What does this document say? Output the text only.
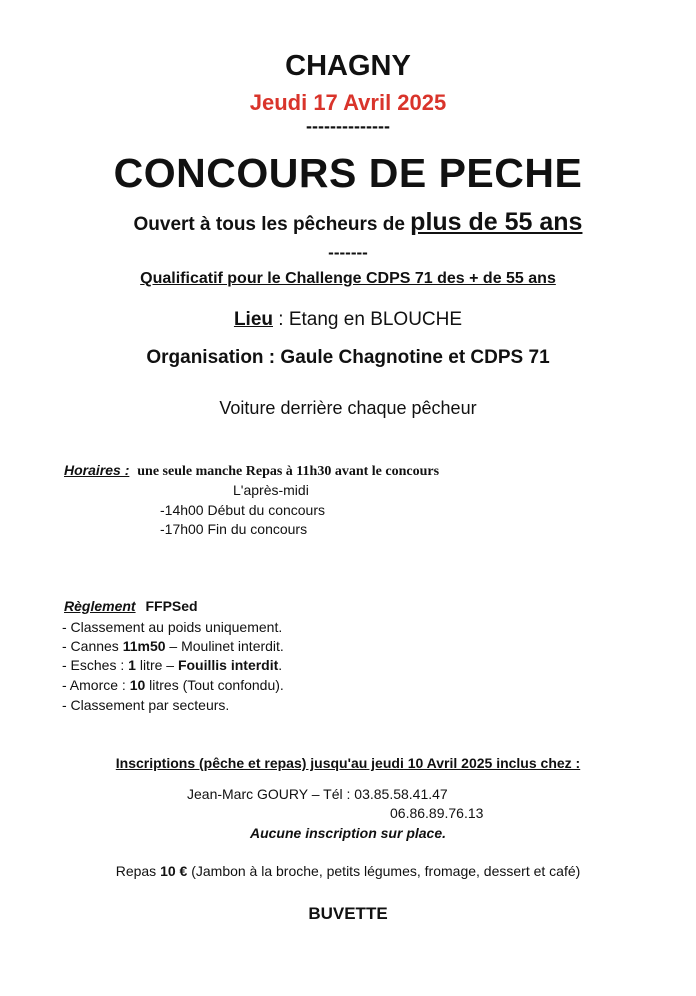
CHAGNY
Jeudi 17 Avril 2025
--------------
CONCOURS DE PECHE
Ouvert à tous les pêcheurs de plus de 55 ans
-------
Qualificatif pour le Challenge CDPS 71 des + de 55 ans
Lieu : Etang en BLOUCHE
Organisation : Gaule Chagnotine et CDPS 71
Voiture derrière chaque pêcheur
Horaires : une seule manche Repas à 11h30 avant le concours
L'après-midi
-14h00 Début du concours
-17h00 Fin du concours
Règlement FFPSed
- Classement au poids uniquement.
- Cannes 11m50 – Moulinet interdit.
- Esches : 1 litre – Fouillis interdit.
- Amorce : 10 litres (Tout confondu).
- Classement par secteurs.
Inscriptions (pêche et repas) jusqu'au jeudi 10 Avril 2025 inclus chez :
Jean-Marc GOURY – Tél : 03.85.58.41.47
06.86.89.76.13
Aucune inscription sur place.
Repas 10 € (Jambon à la broche, petits légumes, fromage, dessert et café)
BUVETTE
